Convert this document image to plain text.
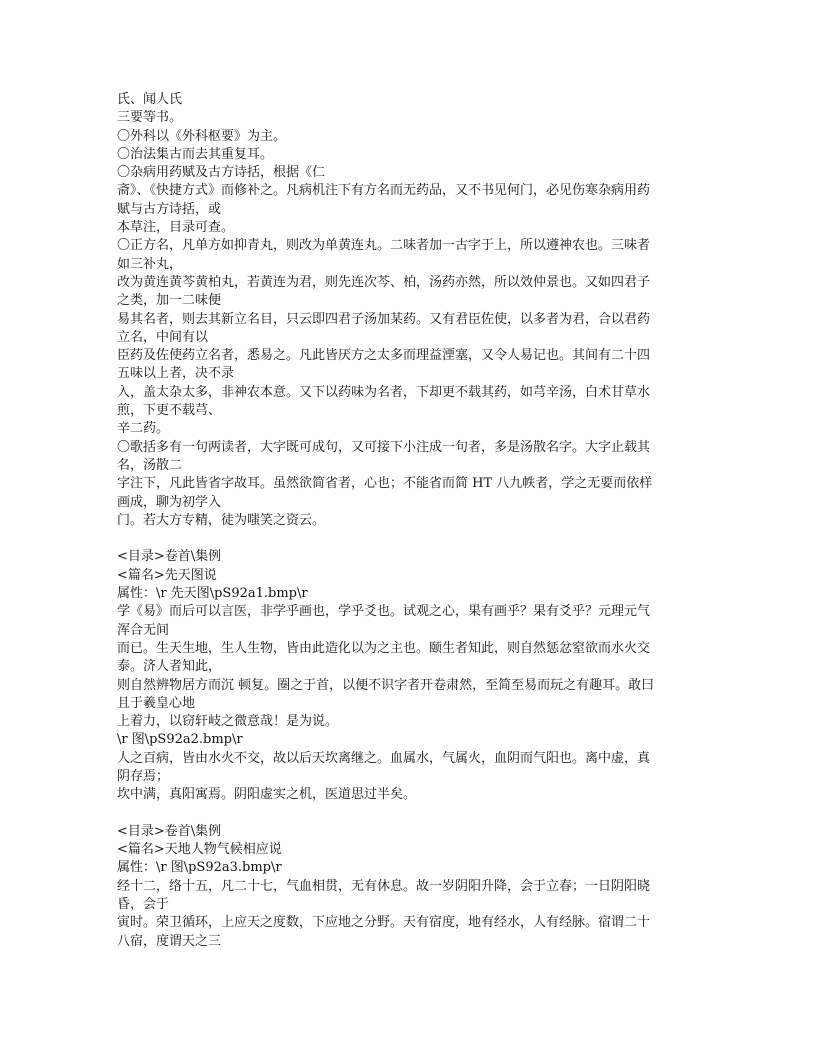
氏、闻人氏
三要等书。
〇外科以《外科枢要》为主。
〇治法集古而去其重复耳。
〇杂病用药赋及古方诗括，根据《仁
斋》、《快捷方式》而修补之。凡病机注下有方名而无药品，又不书见何门，必见伤寒杂病用药
赋与古方诗括，或
本草注，目录可查。
〇正方名，凡单方如抑青丸，则改为单黄连丸。二味者加一古字于上，所以遵神农也。三味者
如三补丸，
改为黄连黄芩黄柏丸，若黄连为君，则先连次芩、柏，汤药亦然，所以效仲景也。又如四君子
之类，加一二味便
易其名者，则去其新立名目，只云即四君子汤加某药。又有君臣佐使，以多者为君，合以君药
立名，中间有以
臣药及佐使药立名者，悉易之。凡此皆厌方之太多而理益湮塞，又令人易记也。其间有二十四
五味以上者，决不录
入，盖太杂太多，非神农本意。又下以药味为名者，下却更不载其药，如芎辛汤，白术甘草水
煎，下更不载芎、
辛二药。
〇歌括多有一句两读者，大字既可成句，又可接下小注成一句者，多是汤散名字。大字止载其
名，汤散二
字注下，凡此皆省字故耳。虽然欲简省者，心也；不能省而简 HT 八九帙者，学之无要而依样
画成，聊为初学入
门。若大方专精，徒为嗤笑之资云。
<目录>卷首\集例
<篇名>先天图说
属性：\r 先天图\pS92a1.bmp\r
学《易》而后可以言医，非学乎画也，学乎爻也。试观之心，果有画乎？果有爻乎？元理元气
浑合无间
而已。生天生地，生人生物，皆由此造化以为之主也。颐生者知此，则自然惩忿窒欲而水火交
泰。济人者知此，
则自然辨物居方而沉 顿复。圈之于首，以便不识字者开卷肃然，至简至易而玩之有趣耳。敢曰
且于羲皇心地
上着力，以窃轩岐之微意哉！是为说。
\r 图\pS92a2.bmp\r
人之百病，皆由水火不交，故以后天坎离继之。血属水，气属火，血阴而气阳也。离中虚，真
阴存焉；
坎中满，真阳寓焉。阴阳虚实之机，医道思过半矣。
<目录>卷首\集例
<篇名>天地人物气候相应说
属性：\r 图\pS92a3.bmp\r
经十二，络十五，凡二十七，气血相贯，无有休息。故一岁阴阳升降，会于立春；一日阴阳晓
昏，会于
寅时。荣卫循环，上应天之度数，下应地之分野。天有宿度，地有经水，人有经脉。宿谓二十
八宿，度谓天之三
